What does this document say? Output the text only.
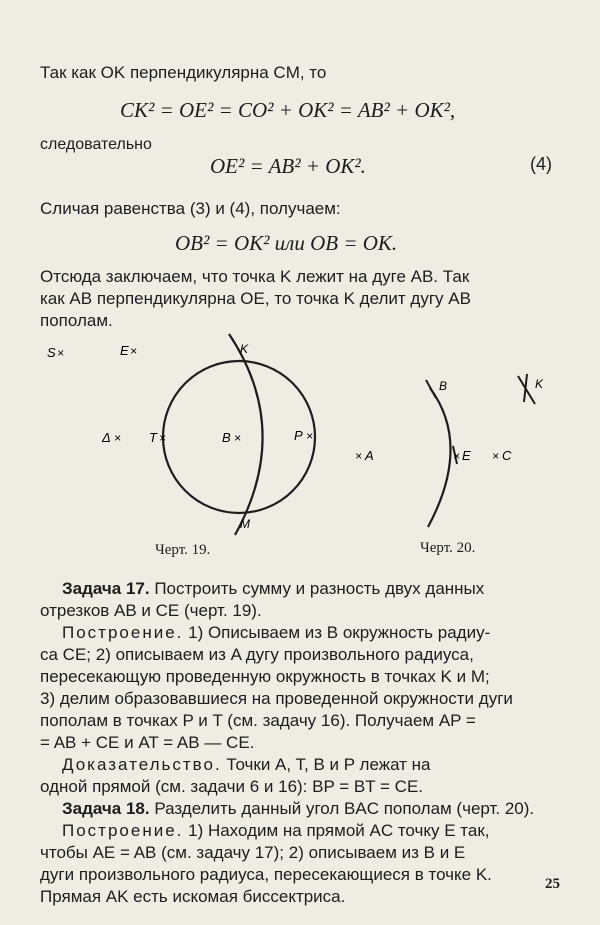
Так как OK перпендикулярна CM, то
CK² = OE² = CO² + OK² = AB² + OK²,
следовательно
OE² = AB² + OK².	(4)
Сличая равенства (3) и (4), получаем:
OB² = OK² или OB = OK.
Отсюда заключаем, что точка K лежит на дуге AB. Так
как AB перпендикулярна OE, то точка K делит дугу AB
пополам.
S ×	E ×
Δ × T ×	B ×	P ×
K
M
Черт. 19.
B	K
× A	× E × C
Черт. 20.
Задача 17. Построить сумму и разность двух данных
отрезков AB и CE (черт. 19).
Построение. 1) Описываем из B окружность радиу-
са CE; 2) описываем из A дугу произвольного радиуса,
пересекающую проведенную окружность в точках K и M;
3) делим образовавшиеся на проведенной окружности дуги
пополам в точках P и T (см. задачу 16). Получаем AP =
= AB + CE и AT = AB — CE.
Доказательство. Точки A, T, B и P лежат на
одной прямой (см. задачи 6 и 16): BP = BT = CE.
Задача 18. Разделить данный угол BAC пополам (черт. 20).
Построение. 1) Находим на прямой AC точку E так,
чтобы AE = AB (см. задачу 17); 2) описываем из B и E
дуги произвольного радиуса, пересекающиеся в точке K.
Прямая AK есть искомая биссектриса.
25
